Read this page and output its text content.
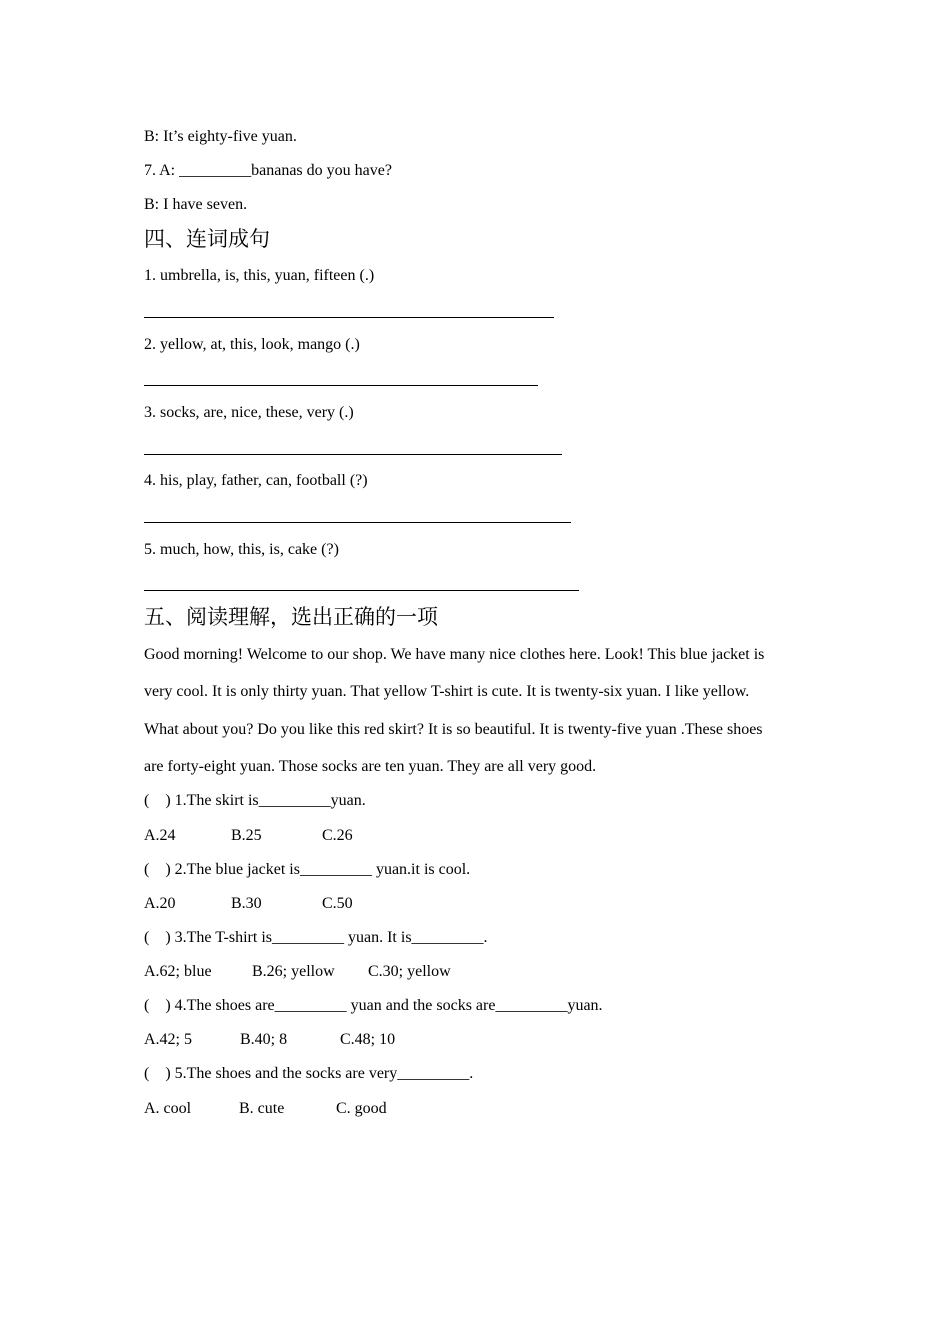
B: It’s eighty-five yuan.
7. A: _________bananas do you have?
B: I have seven.
四、连词成句
1. umbrella, is, this, yuan, fifteen (.)
2. yellow, at, this, look, mango (.)
3. socks, are, nice, these, very (.)
4. his, play, father, can, football (?)
5. much, how, this, is, cake (?)
五、阅读理解，选出正确的一项
Good morning! Welcome to our shop. We have many nice clothes here. Look! This blue jacket is
very cool. It is only thirty yuan. That yellow T-shirt is cute. It is twenty-six yuan. I like yellow.
What about you? Do you like this red skirt? It is so beautiful. It is twenty-five yuan .These shoes
are forty-eight yuan. Those socks are ten yuan. They are all very good.
(    ) 1.The skirt is_________yuan.

A.24

	B.25

	C.26

(    ) 2.The blue jacket is_________ yuan.it is cool.

A.20

	B.30

	C.50

(    ) 3.The T-shirt is_________ yuan. It is_________.

A.62; blue

	B.26; yellow

C.30; yellow

(    ) 4.The shoes are_________ yuan and the socks are_________yuan.

A.42; 5

	B.40; 8

	C.48; 10

(    ) 5.The shoes and the socks are very_________.

A. cool

	B. cute

	C. good
